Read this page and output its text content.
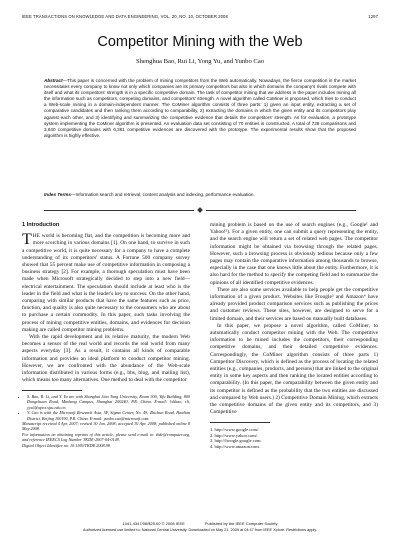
IEEE TRANSACTIONS ON KNOWLEDGE AND DATA ENGINEERING, VOL. 20, NO. 10, OCTOBER 2008	1297
Competitor Mining with the Web
Shenghua Bao, Rui Li, Yong Yu, and Yunbo Cao
Abstract—This paper is concerned with the problem of mining competitors from the Web automatically. Nowadays, the fierce competition in the market necessitates every company to know not only which companies are its primary competitors but also in which domains the company's rivals compete with itself and what its competitors' strength is in a specific competitive domain. The task of competitor mining that we address in the paper includes mining all the information such as competitors, competing domains, and competitors' strength. A novel algorithm called CoMiner is proposed, which tries to conduct a Web-scale mining in a domain-independent manner. The CoMiner algorithm consists of three parts: 1) given an input entity, extracting a set of comparative candidates and then ranking them according to comparability, 2) extracting the domains in which the given entity and its competitors play against each other, and 3) identifying and summarizing the competitive evidence that details the competitors' strength. As for evaluation, a prototype system implementing the CoMiner algorithm is presented. An evaluation data set consisting of 70 entities is constructed. A total of 728 comparisons and 3,640 competitive domains with 6,361 competitive evidences are discovered with the prototype. The experimental results show that the proposed algorithm is highly effective.
Index Terms—Information search and retrieval, content analysis and indexing, performance evaluation.
1 Introduction

THE world is becoming flat, and the competition is becoming more and more scorching in various domains [1]. On one hand, to survive in such a competitive world, it is quite necessary for a company to have a complete understanding of its competitors' status. A Fortune 500 company survey showed that 55 percent make use of competitive information in composing a business strategy [2]. For example, a thorough speculation must have been made when Microsoft strategically decided to step into a new field—electrical entertainment. The speculation should include at least who is the leader in the field and what is the leader's key to success. On the other hand, comparing with similar products that have the same features such as price, function, and quality is also quite necessary to the consumers who are about to purchase a certain commodity. In this paper, such tasks involving the process of mining competitive entities, domains, and evidences for decision making are called competitor mining problems.

With the rapid development and its relative maturity, the modern Web becomes a sensor of the real world and records the real world from many aspects everyday [3]. As a result, it contains all kinds of comparable information and provides an ideal platform to conduct competitor mining. However, we are confronted with the abundance of the Web-scale information distributed in various forms (e.g., bbs, blog, and mailing list), which means too many alternatives. One method to deal with the competitor

• S. Bao, R. Li, and Y. Yu are with Shanghai Jiao Tong University, Room 300, Yifu Building, 800 Dongchuan Road, Minhang Campus, Shanghai 200240, P.R. China. E-mail: {shbao, rli, yyu}@apex.sjtu.edu.cn.
• Y. Cao is with the Microsoft Research Asia, 5F, Sigma Center, No. 49, Zhichun Road, Haidian District, Beijing 100190, P.R. China. E-mail: yunbo.cao@microsoft.com.

Manuscript received 4 Apr. 2007; revised 30 Jan. 2008; accepted 30 Apr. 2008; published online 8 May 2008.

For information on obtaining reprints of this article, please send e-mail to: tkde@computer.org, and reference IEEECS Log Number TKDE-2007-04-0149.

Digital Object Identifier no. 10.1109/TKDE.2008.98.

mining problem is based on the use of search engines (e.g., Google¹ and Yahoo!²). For a given entity, one can submit a query representing the entity, and the search engine will return a set of related web pages. The competitor information might be obtained via browsing through the related pages. However, such a browsing process is obviously tedious because only a few pages may contain the comparative information among thousands to browse, especially in the case that one knows little about the entity. Furthermore, it is also hard for the method to specify the competing field and to summarize the opinions of all identified competitive evidences.

There are also some services available to help people get the competitive information of a given product. Websites like Froogle³ and Amazon⁴ have already provided product comparison services such as publishing the prices and customer reviews. These sites, however, are designed to serve for a limited domain, and their services are based on manually built databases.

In this paper, we propose a novel algorithm, called CoMiner, to automatically conduct competitor mining with the Web. The competitive information to be mined includes the competitors, their corresponding competitive domains, and their detailed competitive evidences. Correspondingly, the CoMiner algorithm consists of three parts 1) Competitor Discovery, which is defined as the process of locating the related entities (e.g., companies, products, and persons) that are linked to the original entity in some key aspects and then ranking the located entities according to comparability. (In this paper, the comparability between the given entity and its competitor is defined as the probability that the two entities are discussed and compared by Web users.) 2) Competitive Domain Mining, which extracts the competitive domains of the given entity and its competitors, and 3) Competitive

1. http://www.google.com/.

2. http://www.yahoo.com/.

3. http://froogle.google.com.

4. http://www.amazon.com.

1041-4347/08/$25.00 © 2008 IEEE	Published by the IEEE Computer Society
Authorized licensed use limited to: National Central University. Downloaded on May 21, 2009 at 04:47 from IEEE Xplore. Restrictions apply.
